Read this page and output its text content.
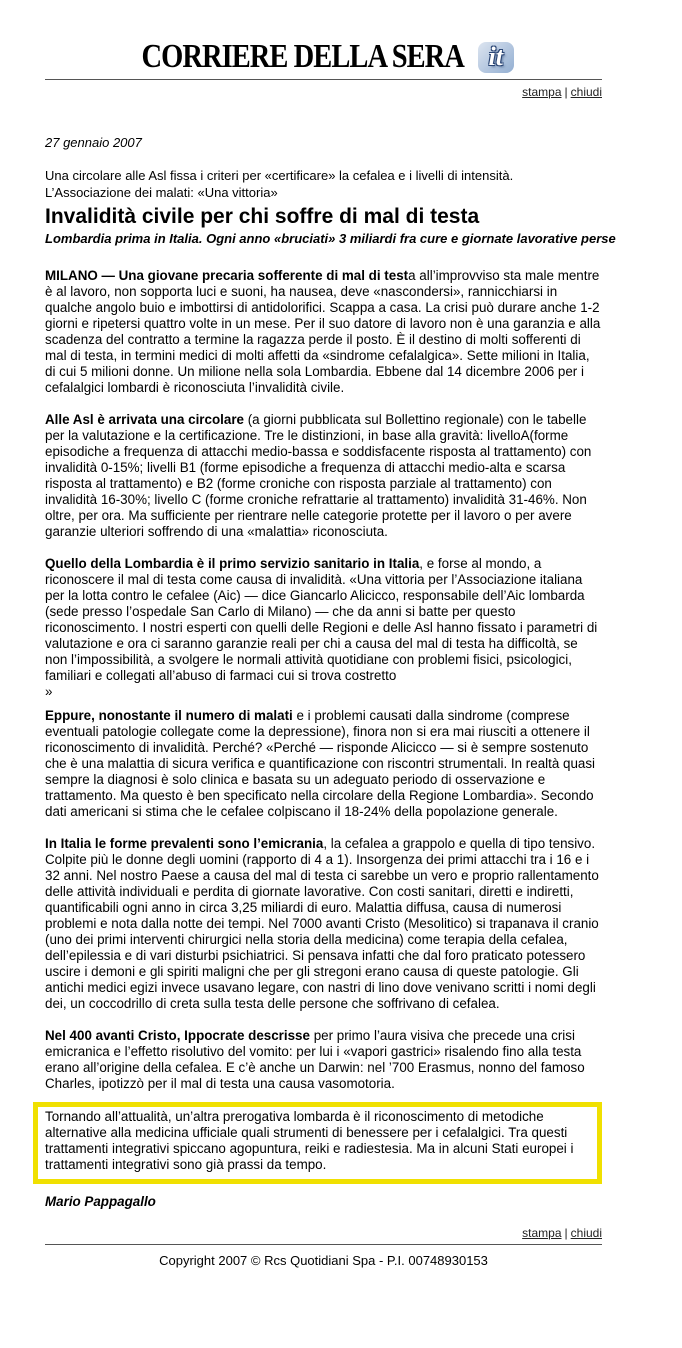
CORRIERE DELLA SERA it
stampa | chiudi

27 gennaio 2007

Una circolare alle Asl fissa i criteri per «certificare» la cefalea e i livelli di intensità. L’Associazione dei malati: «Una vittoria»

Invalidità civile per chi soffre di mal di testa

Lombardia prima in Italia. Ogni anno «bruciati» 3 miliardi fra cure e giornate lavorative perse

MILANO — Una giovane precaria sofferente di mal di testa all’improvviso sta male mentre è al lavoro, non sopporta luci e suoni, ha nausea, deve «nascondersi», rannicchiarsi in qualche angolo buio e imbottirsi di antidolorifici. Scappa a casa. La crisi può durare anche 1-2 giorni e ripetersi quattro volte in un mese. Per il suo datore di lavoro non è una garanzia e alla scadenza del contratto a termine la ragazza perde il posto. È il destino di molti sofferenti di mal di testa, in termini medici di molti affetti da «sindrome cefalalgica». Sette milioni in Italia, di cui 5 milioni donne. Un milione nella sola Lombardia. Ebbene dal 14 dicembre 2006 per i cefalalgici lombardi è riconosciuta l’invalidità civile.

Alle Asl è arrivata una circolare (a giorni pubblicata sul Bollettino regionale) con le tabelle per la valutazione e la certificazione. Tre le distinzioni, in base alla gravità: livelloA(forme episodiche a frequenza di attacchi medio-bassa e soddisfacente risposta al trattamento) con invalidità 0-15%; livelli B1 (forme episodiche a frequenza di attacchi medio-alta e scarsa risposta al trattamento) e B2 (forme croniche con risposta parziale al trattamento) con invalidità 16-30%; livello C (forme croniche refrattarie al trattamento) invalidità 31-46%. Non oltre, per ora. Ma sufficiente per rientrare nelle categorie protette per il lavoro o per avere garanzie ulteriori soffrendo di una «malattia» riconosciuta.

Quello della Lombardia è il primo servizio sanitario in Italia, e forse al mondo, a riconoscere il mal di testa come causa di invalidità. «Una vittoria per l’Associazione italiana per la lotta contro le cefalee (Aic) — dice Giancarlo Alicicco, responsabile dell’Aic lombarda (sede presso l’ospedale San Carlo di Milano) — che da anni si batte per questo riconoscimento. I nostri esperti con quelli delle Regioni e delle Asl hanno fissato i parametri di valutazione e ora ci saranno garanzie reali per chi a causa del mal di testa ha difficoltà, se non l’impossibilità, a svolgere le normali attività quotidiane con problemi fisici, psicologici, familiari e collegati all’abuso di farmaci cui si trova costretto
»

Eppure, nonostante il numero di malati e i problemi causati dalla sindrome (comprese eventuali patologie collegate come la depressione), finora non si era mai riusciti a ottenere il riconoscimento di invalidità. Perché? «Perché — risponde Alicicco — si è sempre sostenuto che è una malattia di sicura verifica e quantificazione con riscontri strumentali. In realtà quasi sempre la diagnosi è solo clinica e basata su un adeguato periodo di osservazione e trattamento. Ma questo è ben specificato nella circolare della Regione Lombardia». Secondo dati americani si stima che le cefalee colpiscano il 18-24% della popolazione generale.

In Italia le forme prevalenti sono l’emicrania, la cefalea a grappolo e quella di tipo tensivo. Colpite più le donne degli uomini (rapporto di 4 a 1). Insorgenza dei primi attacchi tra i 16 e i 32 anni. Nel nostro Paese a causa del mal di testa ci sarebbe un vero e proprio rallentamento delle attività individuali e perdita di giornate lavorative. Con costi sanitari, diretti e indiretti, quantificabili ogni anno in circa 3,25 miliardi di euro. Malattia diffusa, causa di numerosi problemi e nota dalla notte dei tempi. Nel 7000 avanti Cristo (Mesolitico) si trapanava il cranio (uno dei primi interventi chirurgici nella storia della medicina) come terapia della cefalea, dell’epilessia e di vari disturbi psichiatrici. Si pensava infatti che dal foro praticato potessero uscire i demoni e gli spiriti maligni che per gli stregoni erano causa di queste patologie. Gli antichi medici egizi invece usavano legare, con nastri di lino dove venivano scritti i nomi degli dei, un coccodrillo di creta sulla testa delle persone che soffrivano di cefalea.

Nel 400 avanti Cristo, Ippocrate descrisse per primo l’aura visiva che precede una crisi emicranica e l’effetto risolutivo del vomito: per lui i «vapori gastrici» risalendo fino alla testa erano all’origine della cefalea. E c’è anche un Darwin: nel ’700 Erasmus, nonno del famoso Charles, ipotizzò per il mal di testa una causa vasomotoria.

Tornando all’attualità, un’altra prerogativa lombarda è il riconoscimento di metodiche alternative alla medicina ufficiale quali strumenti di benessere per i cefalalgici. Tra questi trattamenti integrativi spiccano agopuntura, reiki e radiestesia. Ma in alcuni Stati europei i trattamenti integrativi sono già prassi da tempo.

Mario Pappagallo

stampa | chiudi

Copyright 2007 © Rcs Quotidiani Spa - P.I. 00748930153
